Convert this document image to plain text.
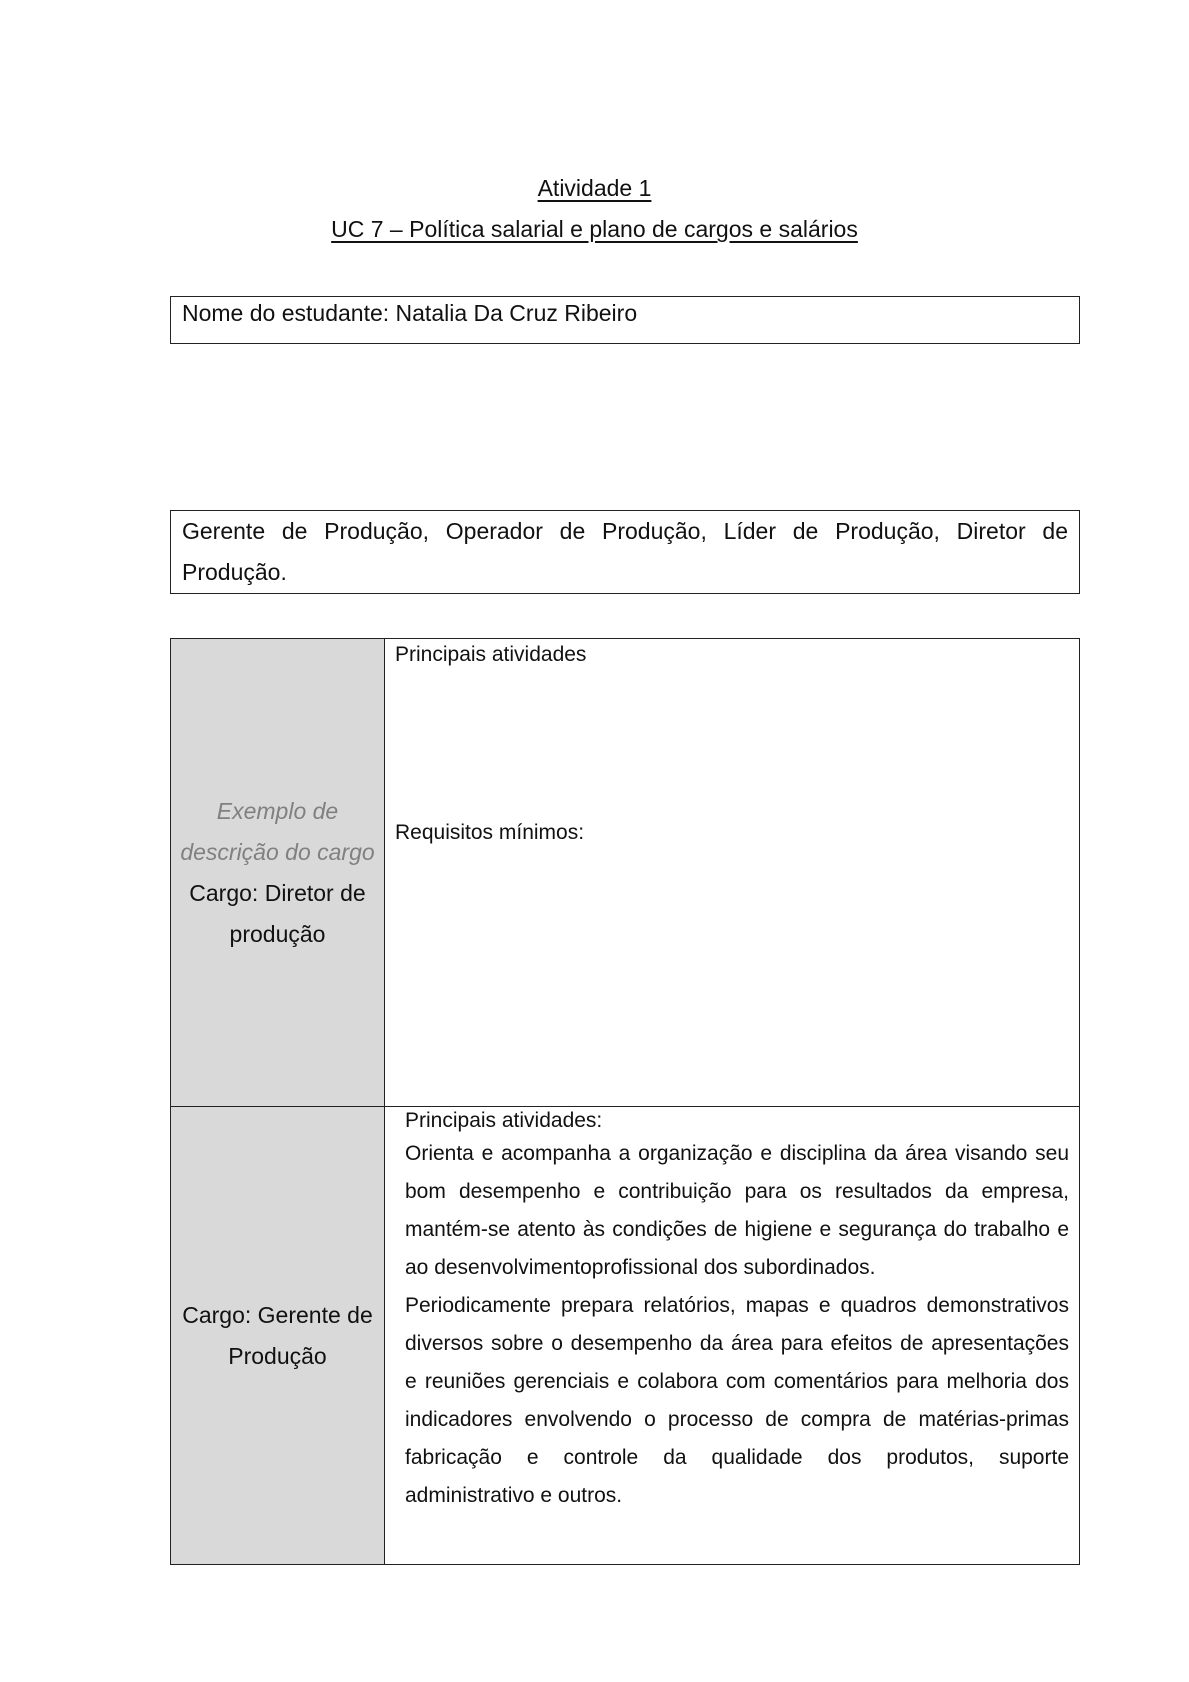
Atividade 1
UC 7 – Política salarial e plano de cargos e salários
Nome do estudante: Natalia Da Cruz Ribeiro
Gerente de Produção, Operador de Produção, Líder de Produção, Diretor de Produção.
Exemplo de descrição do cargo
Cargo: Diretor de produção	Principais atividades
Requisitos mínimos:

Cargo: Gerente de Produção	Principais atividades:
Orienta e acompanha a organização e disciplina da área visando seu bom desempenho e contribuição para os resultados da empresa, mantém-se atento às condições de higiene e segurança do trabalho e ao desenvolvimentoprofissional dos subordinados.
Periodicamente prepara relatórios, mapas e quadros demonstrativos diversos sobre o desempenho da área para efeitos de apresentações e reuniões gerenciais e colabora com comentários para melhoria dos indicadores envolvendo o processo de compra de matérias-primas fabricação e controle da qualidade dos produtos, suporte administrativo e outros.
